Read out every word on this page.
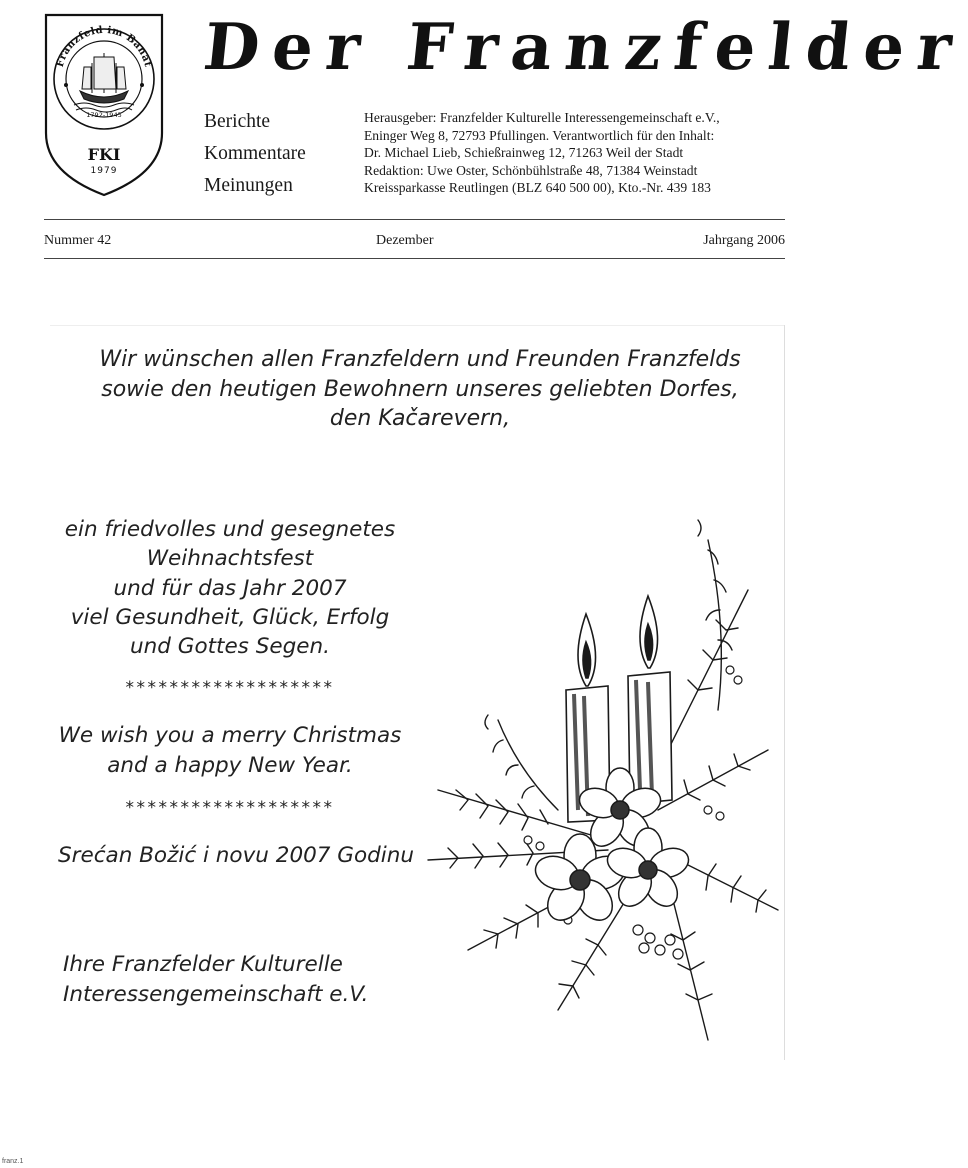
Franzfeld im Banat
1792-1945
FKI
1979
Der Franzfelder
Berichte
Kommentare
Meinungen
Herausgeber: Franzfelder Kulturelle Interessengemeinschaft e.V.,
Eninger Weg 8, 72793 Pfullingen. Verantwortlich für den Inhalt:
Dr. Michael Lieb, Schießrainweg 12, 71263 Weil der Stadt
Redaktion: Uwe Oster, Schönbühlstraße 48, 71384 Weinstadt
Kreissparkasse Reutlingen (BLZ 640 500 00), Kto.-Nr. 439 183
Nummer 42	Dezember	Jahrgang 2006
Wir wünschen allen Franzfeldern und Freunden Franzfelds
sowie den heutigen Bewohnern unseres geliebten Dorfes,
den Kačarevern,
ein friedvolles und gesegnetes
Weihnachtsfest
und für das Jahr 2007
viel Gesundheit, Glück, Erfolg
und Gottes Segen.
*******************
We wish you a merry Christmas
and a happy New Year.
*******************
Srećan Božić i novu 2007 Godinu
Ihre Franzfelder Kulturelle
Interessengemeinschaft e.V.
franz.1
